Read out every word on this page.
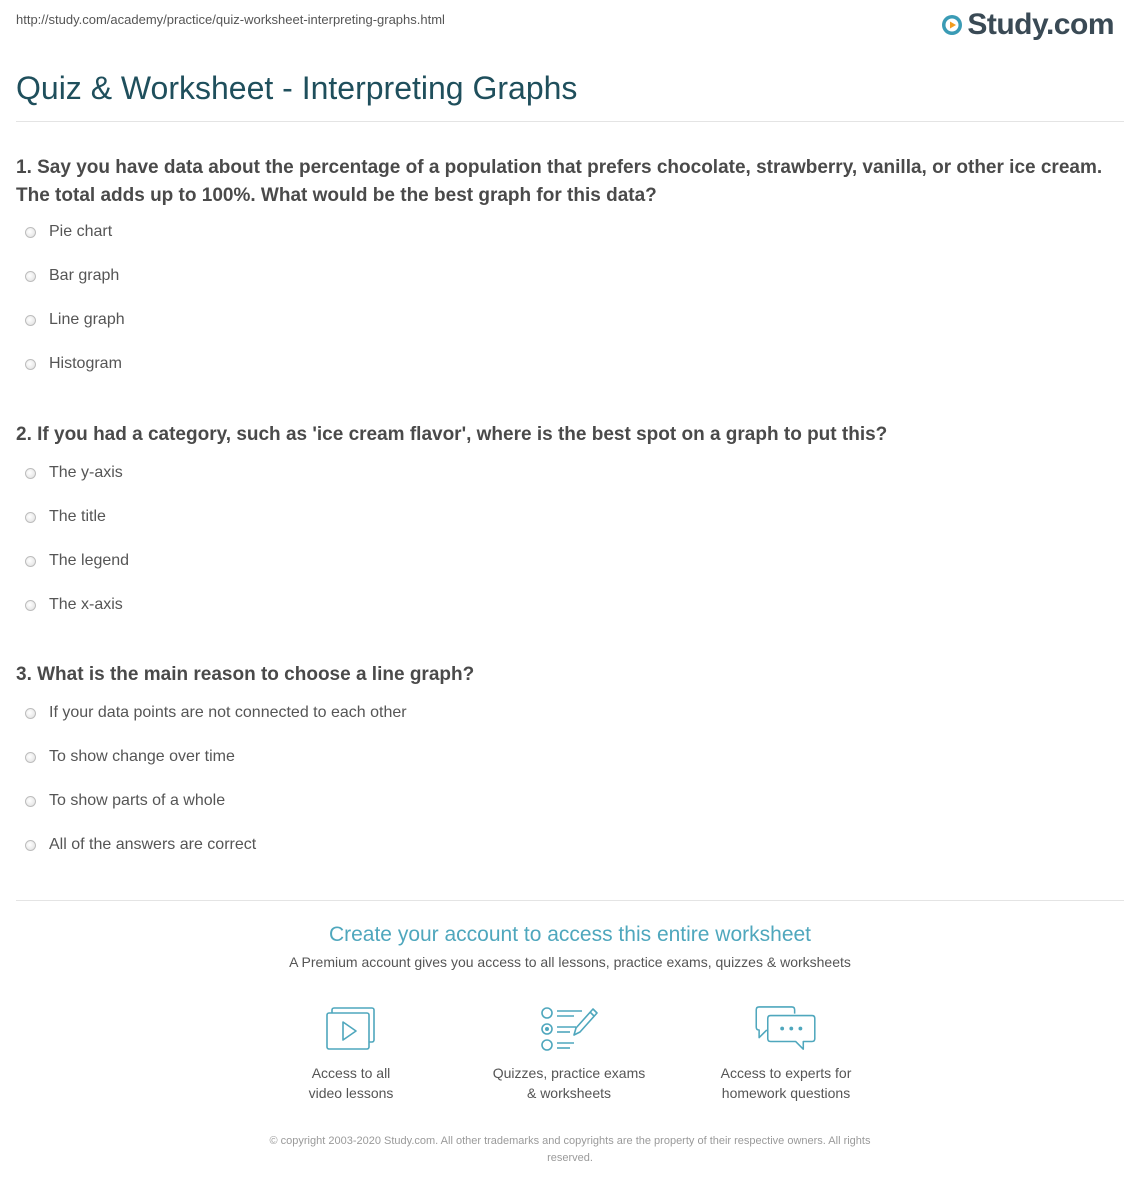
http://study.com/academy/practice/quiz-worksheet-interpreting-graphs.html	Study.com
Quiz & Worksheet - Interpreting Graphs

1. Say you have data about the percentage of a population that prefers chocolate, strawberry, vanilla, or other ice cream. The total adds up to 100%. What would be the best graph for this data?

Pie chart
Bar graph
Line graph
Histogram

2. If you had a category, such as 'ice cream flavor', where is the best spot on a graph to put this?

The y-axis
The title
The legend
The x-axis

3. What is the main reason to choose a line graph?

If your data points are not connected to each other
To show change over time
To show parts of a whole
All of the answers are correct
Create your account to access this entire worksheet
A Premium account gives you access to all lessons, practice exams, quizzes & worksheets
Access to all
video lessons
Quizzes, practice exams
& worksheets
Access to experts for
homework questions
© copyright 2003-2020 Study.com. All other trademarks and copyrights are the property of their respective owners. All rights
reserved.
